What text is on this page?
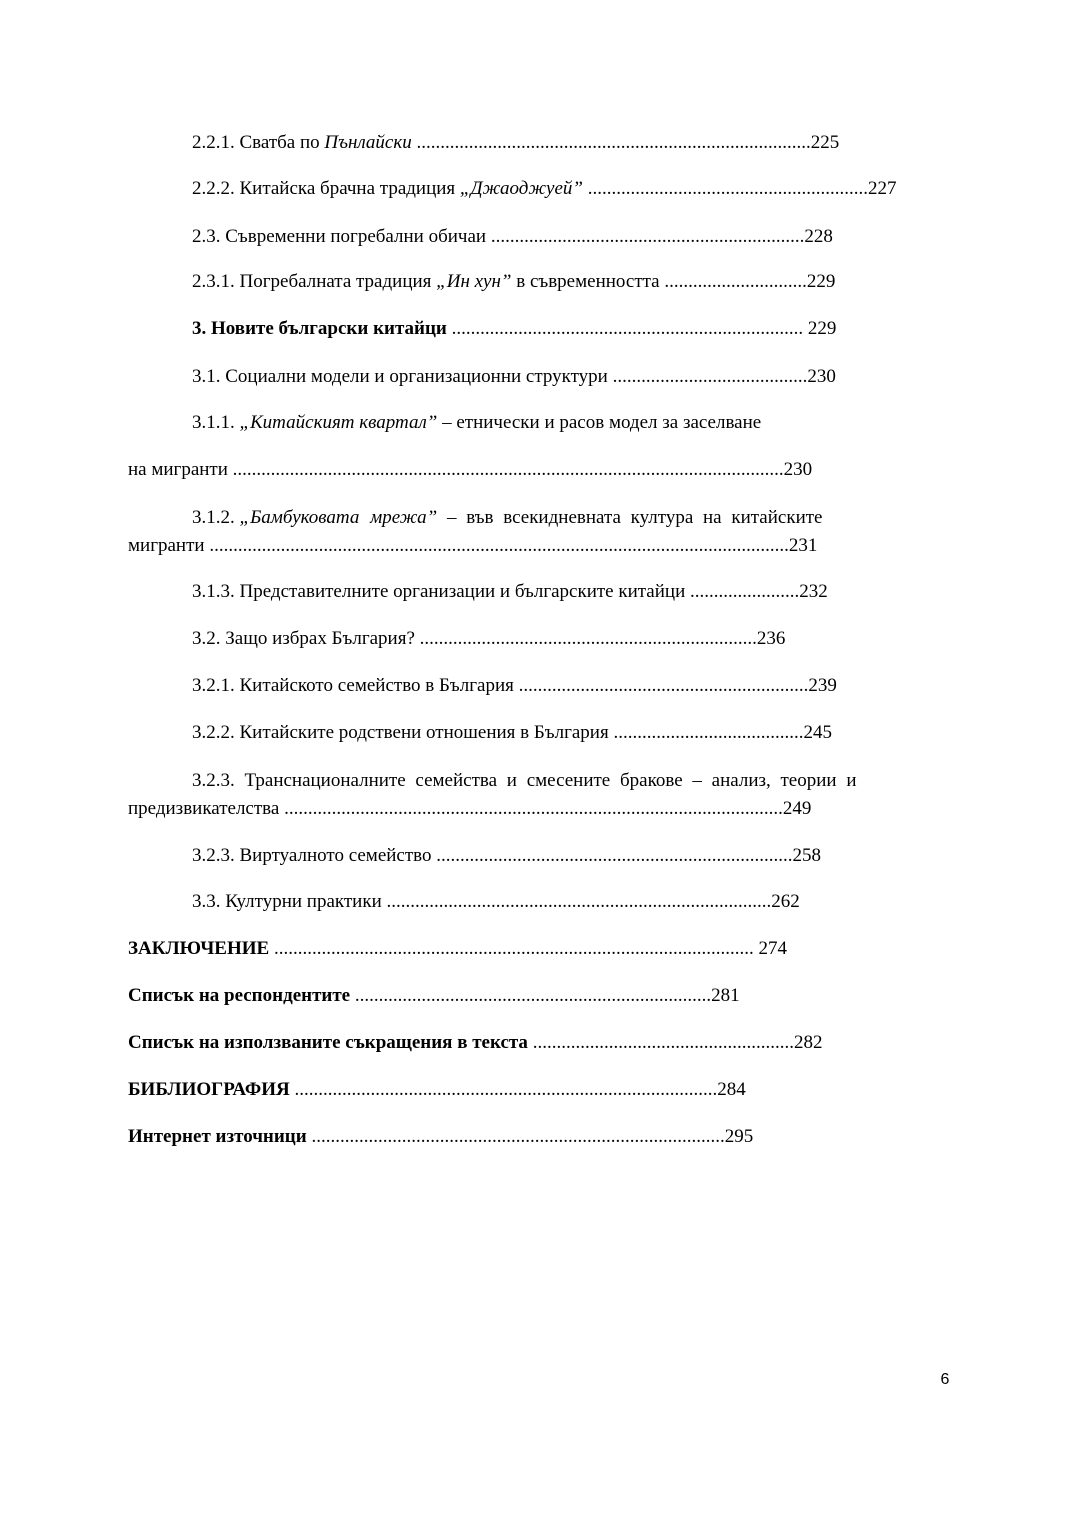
2.2.1. Сватба по Пънлайски ...................................................................................225
2.2.2. Китайска брачна традиция „Джаоджуей” ...........................................................227
2.3. Съвременни погребални обичаи ..................................................................228
2.3.1. Погребалната традиция „Ин хун” в съвременността ..............................229
3. Новите български китайци .......................................................................... 229
3.1. Социални модели и организационни структури .........................................230
3.1.1. „Китайският квартал” – етнически и расов модел за заселване
на мигранти ....................................................................................................................230
3.1.2. „Бамбуковата мрежа” – във всекидневната култура на китайските
мигранти ..........................................................................................................................231
3.1.3. Представителните организации и българските китайци .......................232
3.2. Защо избрах България? .......................................................................236
3.2.1. Китайското семейство в България .............................................................239
3.2.2. Китайските родствени отношения в България ........................................245
3.2.3. Транснационалните семейства и смесените бракове – анализ, теории и
предизвикателства .........................................................................................................249
3.2.3. Виртуалното семейство ...........................................................................258
3.3. Културни практики .................................................................................262
ЗАКЛЮЧЕНИЕ ..................................................................................................... 274
Списък на респондентите ...........................................................................281
Списък на използваните съкращения в текста .......................................................282
БИБЛИОГРАФИЯ .........................................................................................284
Интернет източници .......................................................................................295
6
